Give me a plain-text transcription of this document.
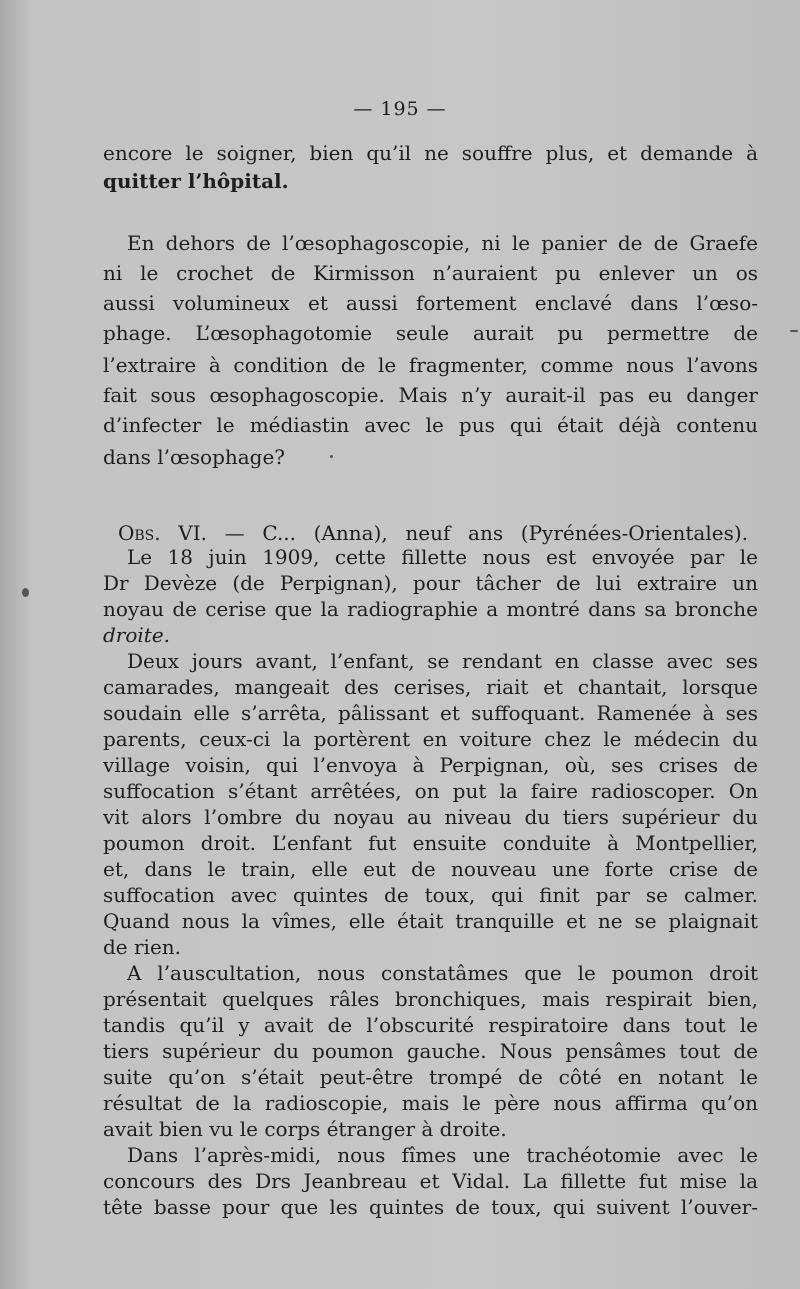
— 195 —
encore le soigner, bien qu’il ne souffre plus, et demande à
quitter l’hôpital.
En dehors de l’œsophagoscopie, ni le panier de de Graefe
ni le crochet de Kirmisson n’auraient pu enlever un os
aussi volumineux et aussi fortement enclavé dans l’œso-
phage. L’œsophagotomie seule aurait pu permettre de
l’extraire à condition de le fragmenter, comme nous l’avons
fait sous œsophagoscopie. Mais n’y aurait-il pas eu danger
d’infecter le médiastin avec le pus qui était déjà contenu
dans l’œsophage?
Obs. VI. — C... (Anna), neuf ans (Pyrénées-Orientales).
Le 18 juin 1909, cette fillette nous est envoyée par le
Dr Devèze (de Perpignan), pour tâcher de lui extraire un
noyau de cerise que la radiographie a montré dans sa bronche
droite.
Deux jours avant, l’enfant, se rendant en classe avec ses
camarades, mangeait des cerises, riait et chantait, lorsque
soudain elle s’arrêta, pâlissant et suffoquant. Ramenée à ses
parents, ceux-ci la portèrent en voiture chez le médecin du
village voisin, qui l’envoya à Perpignan, où, ses crises de
suffocation s’étant arrêtées, on put la faire radioscoper. On
vit alors l’ombre du noyau au niveau du tiers supérieur du
poumon droit. L’enfant fut ensuite conduite à Montpellier,
et, dans le train, elle eut de nouveau une forte crise de
suffocation avec quintes de toux, qui finit par se calmer.
Quand nous la vîmes, elle était tranquille et ne se plaignait
de rien.
A l’auscultation, nous constatâmes que le poumon droit
présentait quelques râles bronchiques, mais respirait bien,
tandis qu’il y avait de l’obscurité respiratoire dans tout le
tiers supérieur du poumon gauche. Nous pensâmes tout de
suite qu’on s’était peut-être trompé de côté en notant le
résultat de la radioscopie, mais le père nous affirma qu’on
avait bien vu le corps étranger à droite.
Dans l’après-midi, nous fîmes une trachéotomie avec le
concours des Drs Jeanbreau et Vidal. La fillette fut mise la
tête basse pour que les quintes de toux, qui suivent l’ouver-
